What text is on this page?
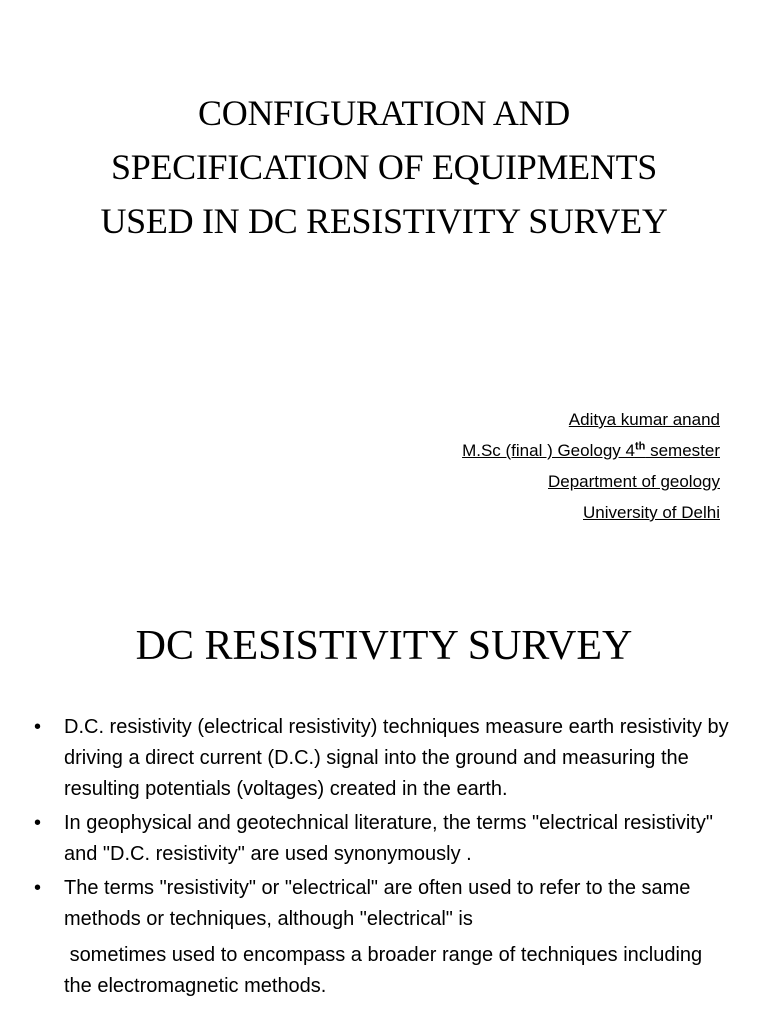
CONFIGURATION AND
SPECIFICATION OF EQUIPMENTS
USED IN DC RESISTIVITY SURVEY
Aditya kumar anand
M.Sc (final ) Geology 4th semester
Department of geology
University of Delhi
DC RESISTIVITY SURVEY
• D.C. resistivity (electrical resistivity) techniques measure earth resistivity by driving a direct current (D.C.) signal into the ground and measuring the resulting potentials (voltages) created in the earth.
• In geophysical and geotechnical literature, the terms "electrical resistivity" and "D.C. resistivity" are used synonymously .
• The terms "resistivity" or "electrical" are often used to refer to the same methods or techniques, although "electrical" is
sometimes used to encompass a broader range of techniques including the electromagnetic methods.
